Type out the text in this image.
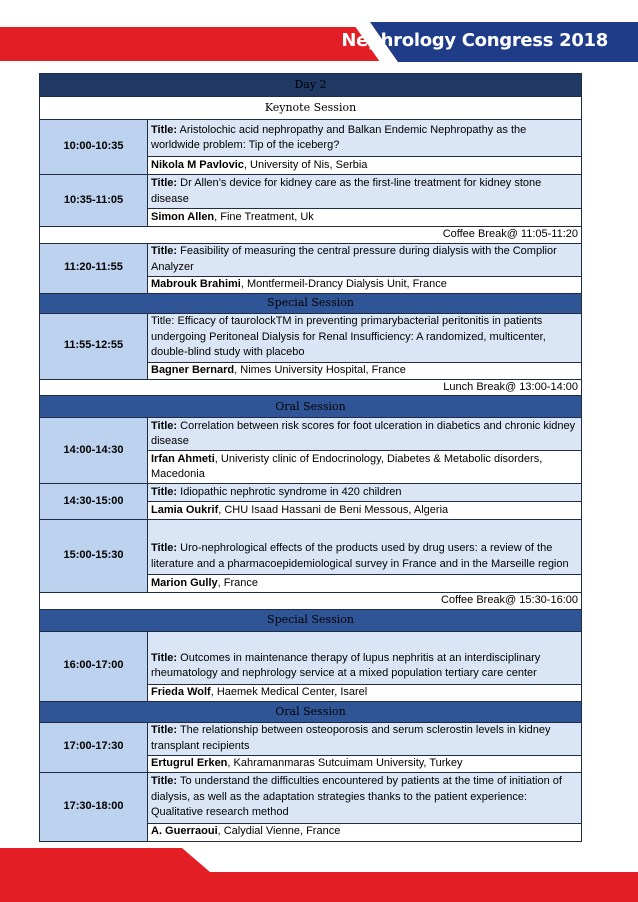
Nephrology Congress 2018
Day 2	
Keynote Session	
10:00-10:35	Title: Aristolochic acid nephropathy and Balkan Endemic Nephropathy as the worldwide problem: Tip of the iceberg?
	Nikola M Pavlovic, University of Nis, Serbia
10:35-11:05	Title: Dr Allen’s device for kidney care as the first-line treatment for kidney stone disease
	Simon Allen, Fine Treatment, Uk
Coffee Break@ 11:05-11:20	
11:20-11:55	Title: Feasibility of measuring the central pressure during dialysis with the Complior Analyzer
	Mabrouk Brahimi, Montfermeil-Drancy Dialysis Unit, France
Special Session	
11:55-12:55	Title: Efficacy of taurolockTM in preventing primarybacterial peritonitis in patients undergoing Peritoneal Dialysis for Renal Insufficiency: A randomized, multicenter, double-blind study with placebo
	Bagner Bernard, Nimes University Hospital, France
Lunch Break@ 13:00-14:00	
Oral Session	
14:00-14:30	Title: Correlation between risk scores for foot ulceration in diabetics and chronic kidney disease
	Irfan Ahmeti, Univeristy clinic of Endocrinology, Diabetes & Metabolic disorders, Macedonia
14:30-15:00	Title: Idiopathic nephrotic syndrome in 420 children
	Lamia Oukrif, CHU Isaad Hassani de Beni Messous, Algeria
15:00-15:30	Title: Uro-nephrological effects of the products used by drug users: a review of the literature and a pharmacoepidemiological survey in France and in the Marseille region
	Marion Gully, France
Coffee Break@ 15:30-16:00	
Special Session	
16:00-17:00	Title: Outcomes in maintenance therapy of lupus nephritis at an interdisciplinary rheumatology and nephrology service at a mixed population tertiary care center
	Frieda Wolf, Haemek Medical Center, Isarel
Oral Session	
17:00-17:30	Title: The relationship between osteoporosis and serum sclerostin levels in kidney transplant recipients
	Ertugrul Erken, Kahramanmaras Sutcuimam University, Turkey
17:30-18:00	Title: To understand the difficulties encountered by patients at the time of initiation of dialysis, as well as the adaptation strategies thanks to the patient experience: Qualitative research method
	A. Guerraoui, Calydial Vienne, France
